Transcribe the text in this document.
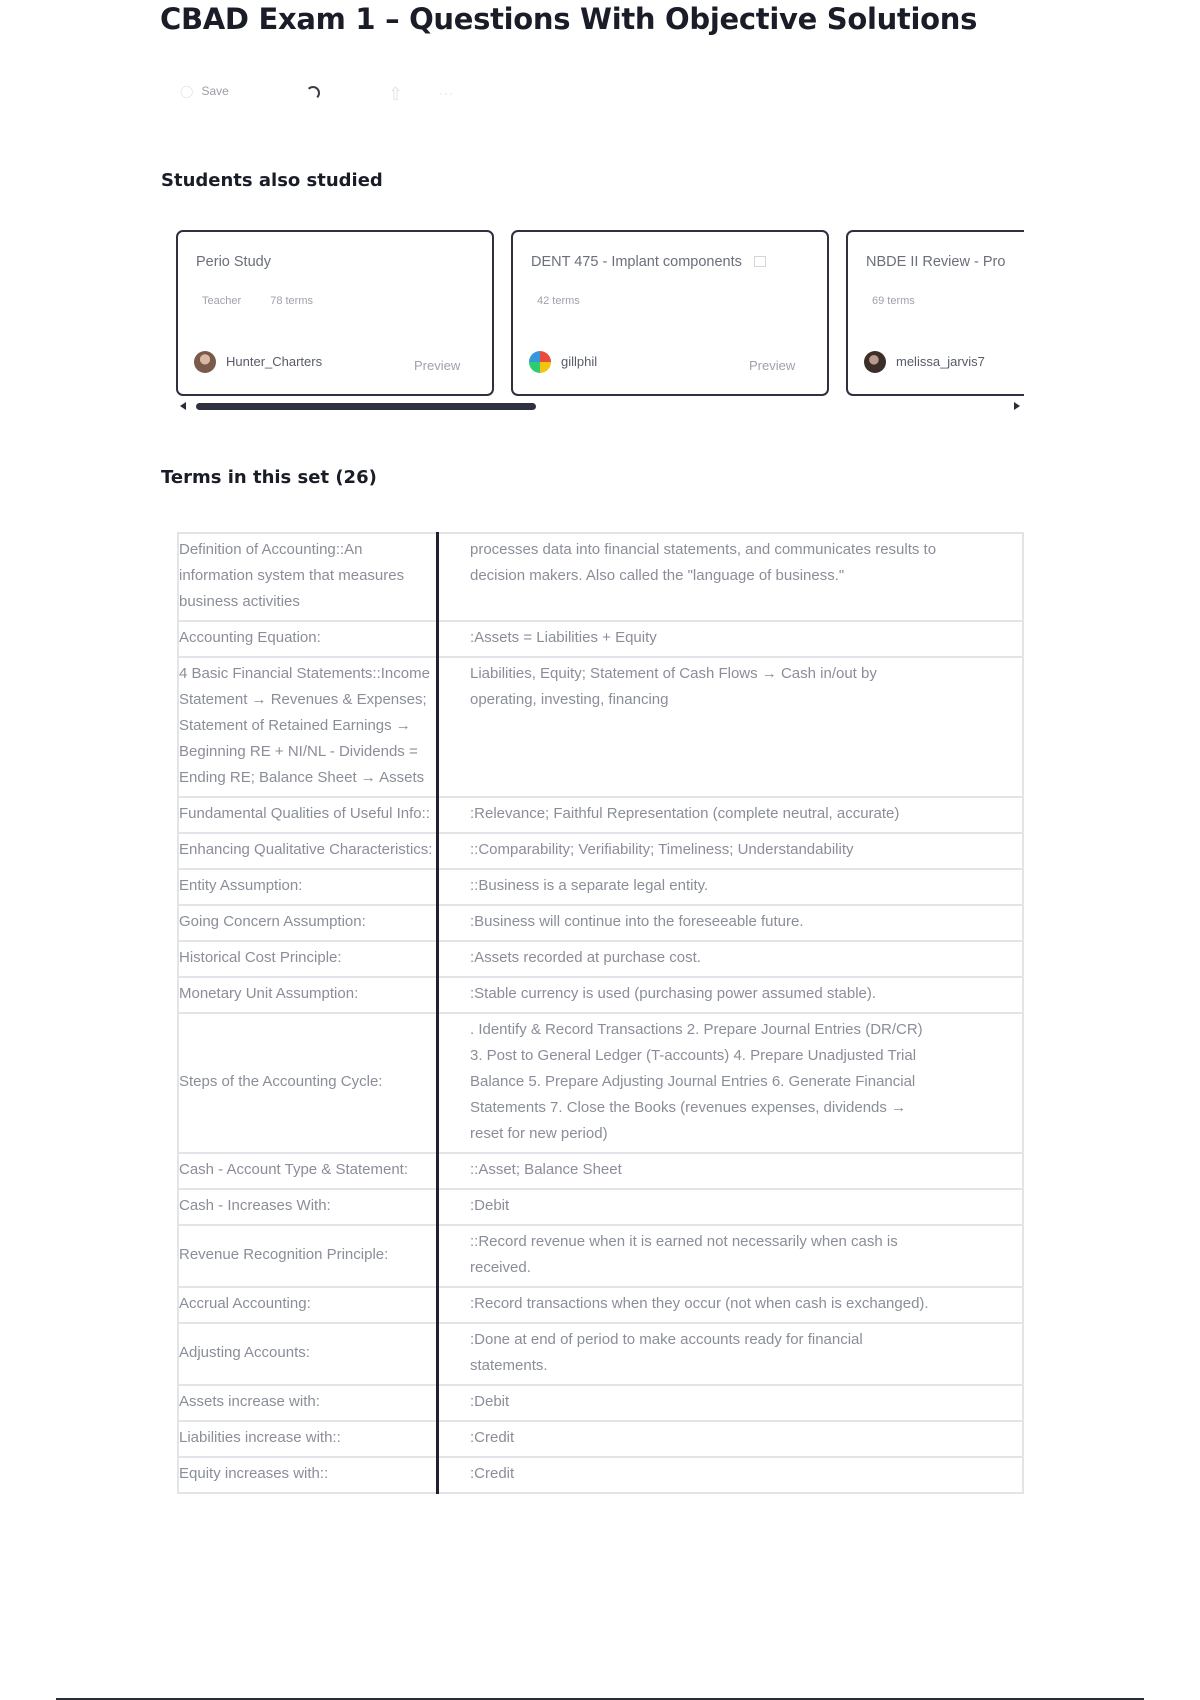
CBAD Exam 1 – Questions With Objective Solutions
◯ Save	⇧ ⋯
Students also studied
Perio Study
Teacher	78 terms
Hunter_Charters	Preview
DENT 475 - Implant components
42 terms
gillphil	Preview
NBDE II Review - Pro
69 terms
melissa_jarvis7
Terms in this set (26)
Definition of Accounting::An information system that measures business activities	processes data into financial statements, and communicates results to decision makers. Also called the "language of business."
Accounting Equation:	:Assets = Liabilities + Equity
4 Basic Financial Statements::Income Statement → Revenues & Expenses; Statement of Retained Earnings → Beginning RE + NI/NL - Dividends = Ending RE; Balance Sheet → Assets	Liabilities, Equity; Statement of Cash Flows → Cash in/out by operating, investing, financing
Fundamental Qualities of Useful Info::	:Relevance; Faithful Representation (complete neutral, accurate)
Enhancing Qualitative Characteristics:	::Comparability; Verifiability; Timeliness; Understandability
Entity Assumption:	::Business is a separate legal entity.
Going Concern Assumption:	:Business will continue into the foreseeable future.
Historical Cost Principle:	:Assets recorded at purchase cost.
Monetary Unit Assumption:	:Stable currency is used (purchasing power assumed stable).
Steps of the Accounting Cycle:	. Identify & Record Transactions 2. Prepare Journal Entries (DR/CR) 3. Post to General Ledger (T-accounts) 4. Prepare Unadjusted Trial Balance 5. Prepare Adjusting Journal Entries 6. Generate Financial Statements 7. Close the Books (revenues expenses, dividends → reset for new period)
Cash - Account Type & Statement:	::Asset; Balance Sheet
Cash - Increases With:	:Debit
Revenue Recognition Principle:	::Record revenue when it is earned not necessarily when cash is received.
Accrual Accounting:	:Record transactions when they occur (not when cash is exchanged).
Adjusting Accounts:	:Done at end of period to make accounts ready for financial statements.
Assets increase with:	:Debit
Liabilities increase with::	:Credit
Equity increases with::	:Credit
